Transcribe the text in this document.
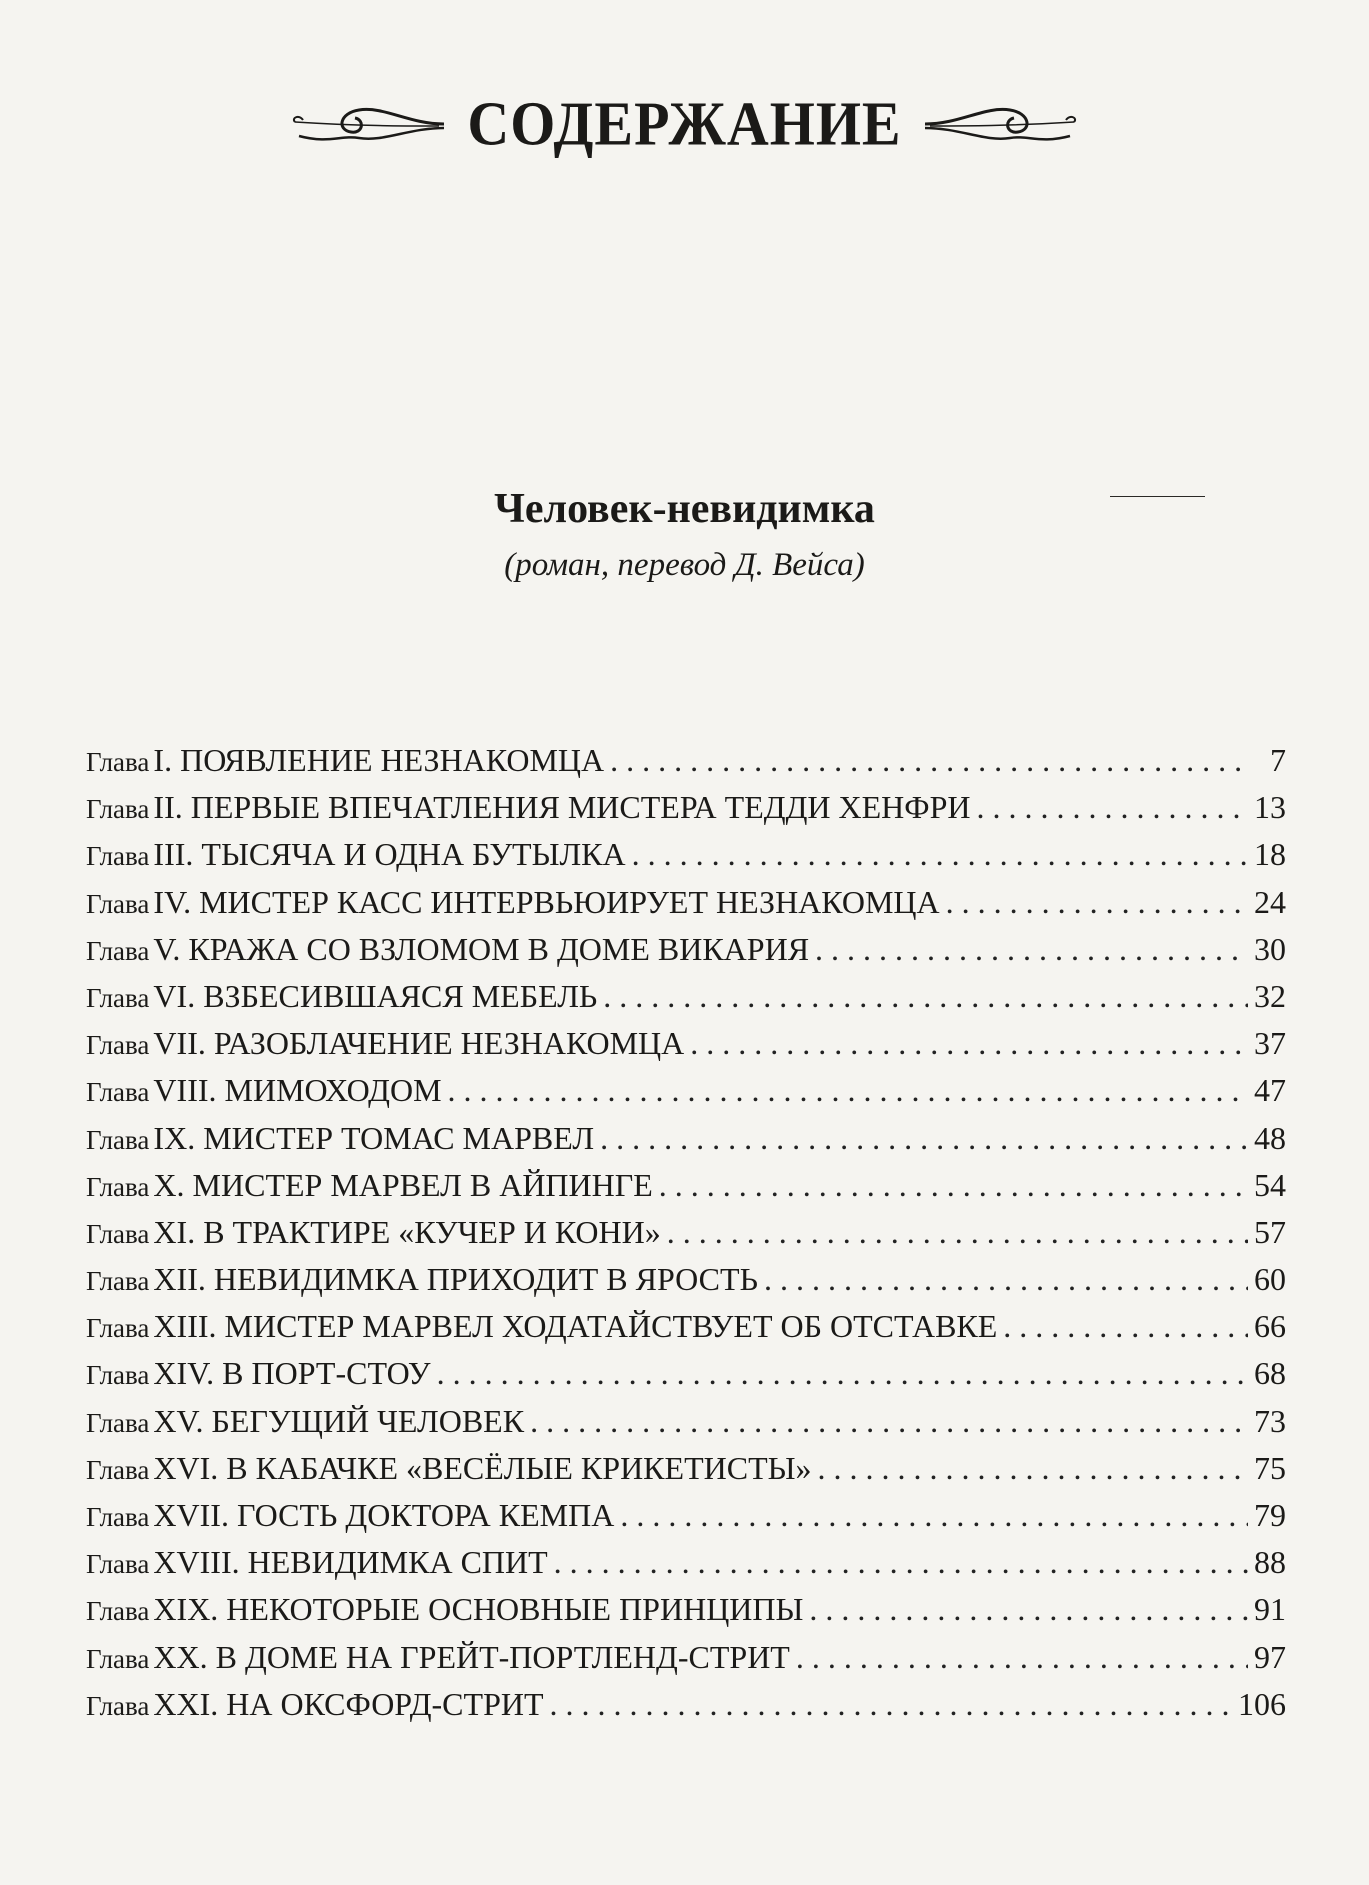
СОДЕРЖАНИЕ
Человек-невидимка
(роман, перевод Д. Вейса)
Глава I. ПОЯВЛЕНИЕ НЕЗНАКОМЦА . . .	7
Глава II. ПЕРВЫЕ ВПЕЧАТЛЕНИЯ МИСТЕРА ТЕДДИ ХЕНФРИ . . .	13
Глава III. ТЫСЯЧА И ОДНА БУТЫЛКА . . .	18
Глава IV. МИСТЕР КАСС ИНТЕРВЬЮИРУЕТ НЕЗНАКОМЦА . . .	24
Глава V. КРАЖА СО ВЗЛОМОМ В ДОМЕ ВИКАРИЯ . . .	30
Глава VI. ВЗБЕСИВШАЯСЯ МЕБЕЛЬ . . .	32
Глава VII. РАЗОБЛАЧЕНИЕ НЕЗНАКОМЦА . . .	37
Глава VIII. МИМОХОДОМ . . .	47
Глава IX. МИСТЕР ТОМАС МАРВЕЛ . . .	48
Глава X. МИСТЕР МАРВЕЛ В АЙПИНГЕ . . .	54
Глава XI. В ТРАКТИРЕ «КУЧЕР И КОНИ» . . .	57
Глава XII. НЕВИДИМКА ПРИХОДИТ В ЯРОСТЬ . . .	60
Глава XIII. МИСТЕР МАРВЕЛ ХОДАТАЙСТВУЕТ ОБ ОТСТАВКЕ . . .	66
Глава XIV. В ПОРТ-СТОУ . . .	68
Глава XV. БЕГУЩИЙ ЧЕЛОВЕК . . .	73
Глава XVI. В КАБАЧКЕ «ВЕСЁЛЫЕ КРИКЕТИСТЫ» . . .	75
Глава XVII. ГОСТЬ ДОКТОРА КЕМПА . . .	79
Глава XVIII. НЕВИДИМКА СПИТ . . .	88
Глава XIX. НЕКОТОРЫЕ ОСНОВНЫЕ ПРИНЦИПЫ . . .	91
Глава XX. В ДОМЕ НА ГРЕЙТ-ПОРТЛЕНД-СТРИТ . . .	97
Глава XXI. НА ОКСФОРД-СТРИТ . . .	106
